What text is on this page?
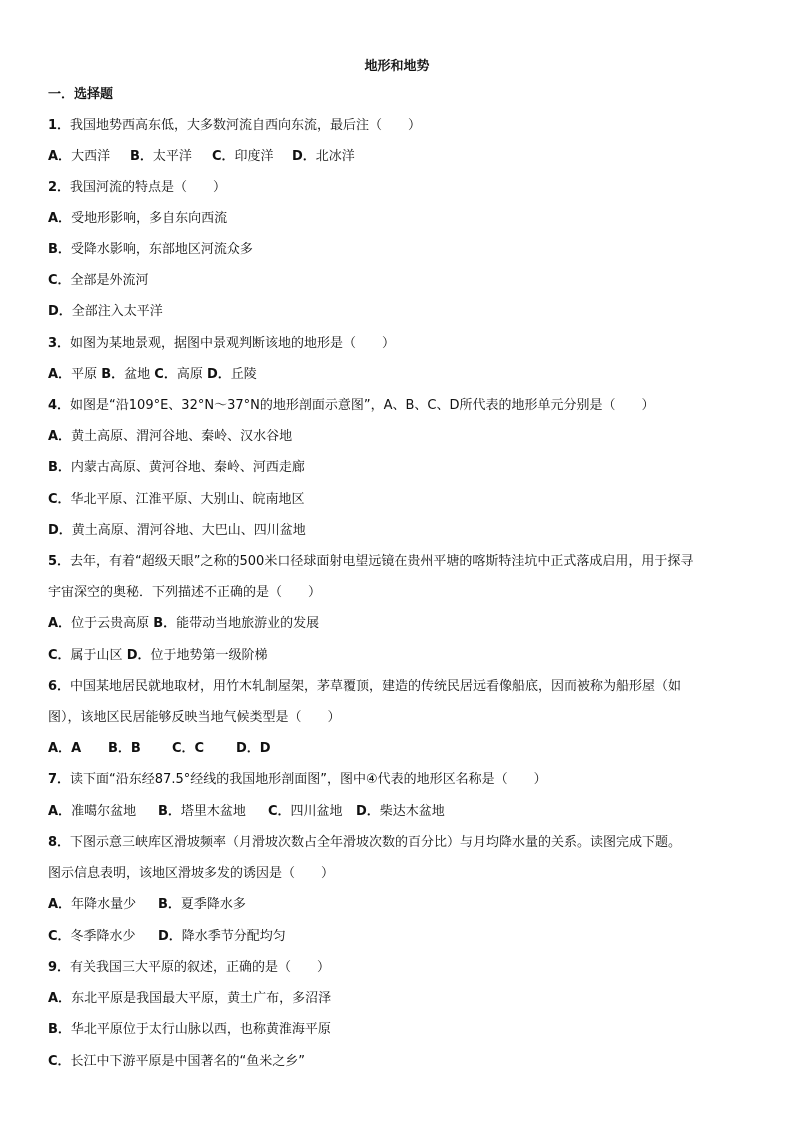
地形和地势
一．选择题
1．我国地势西高东低，大多数河流自西向东流，最后注（　　）
A．大西洋 B．太平洋 C．印度洋 D．北冰洋
2．我国河流的特点是（　　）
A．受地形影响，多自东向西流
B．受降水影响，东部地区河流众多
C．全部是外流河
D．全部注入太平洋
3．如图为某地景观，据图中景观判断该地的地形是（　　）
A．平原 B．盆地 C．高原 D．丘陵
4．如图是“沿109°E、32°N～37°N的地形剖面示意图”，A、B、C、D所代表的地形单元分别是（　　）
A．黄土高原、渭河谷地、秦岭、汉水谷地
B．内蒙古高原、黄河谷地、秦岭、河西走廊
C．华北平原、江淮平原、大别山、皖南地区
D．黄土高原、渭河谷地、大巴山、四川盆地
5．去年，有着“超级天眼”之称的500米口径球面射电望远镜在贵州平塘的喀斯特洼坑中正式落成启用，用于探寻
宇宙深空的奥秘．下列描述不正确的是（　　）
A．位于云贵高原 B．能带动当地旅游业的发展
C．属于山区 D．位于地势第一级阶梯
6．中国某地居民就地取材，用竹木轧制屋架，茅草覆顶，建造的传统民居远看像船底，因而被称为船形屋（如
图），该地区民居能够反映当地气候类型是（　　）
A．A B．B C．C D．D
7．读下面“沿东经87.5°经线的我国地形剖面图”，图中④代表的地形区名称是（　　）
A．准噶尔盆地 B．塔里木盆地 C．四川盆地 D．柴达木盆地
8．下图示意三峡库区滑坡频率（月滑坡次数占全年滑坡次数的百分比）与月均降水量的关系。读图完成下题。
图示信息表明，该地区滑坡多发的诱因是（　　）
A．年降水量少 B．夏季降水多
C．冬季降水少 D．降水季节分配均匀
9．有关我国三大平原的叙述，正确的是（　　）
A．东北平原是我国最大平原，黄土广布，多沼泽
B．华北平原位于太行山脉以西，也称黄淮海平原
C．长江中下游平原是中国著名的“鱼米之乡”
